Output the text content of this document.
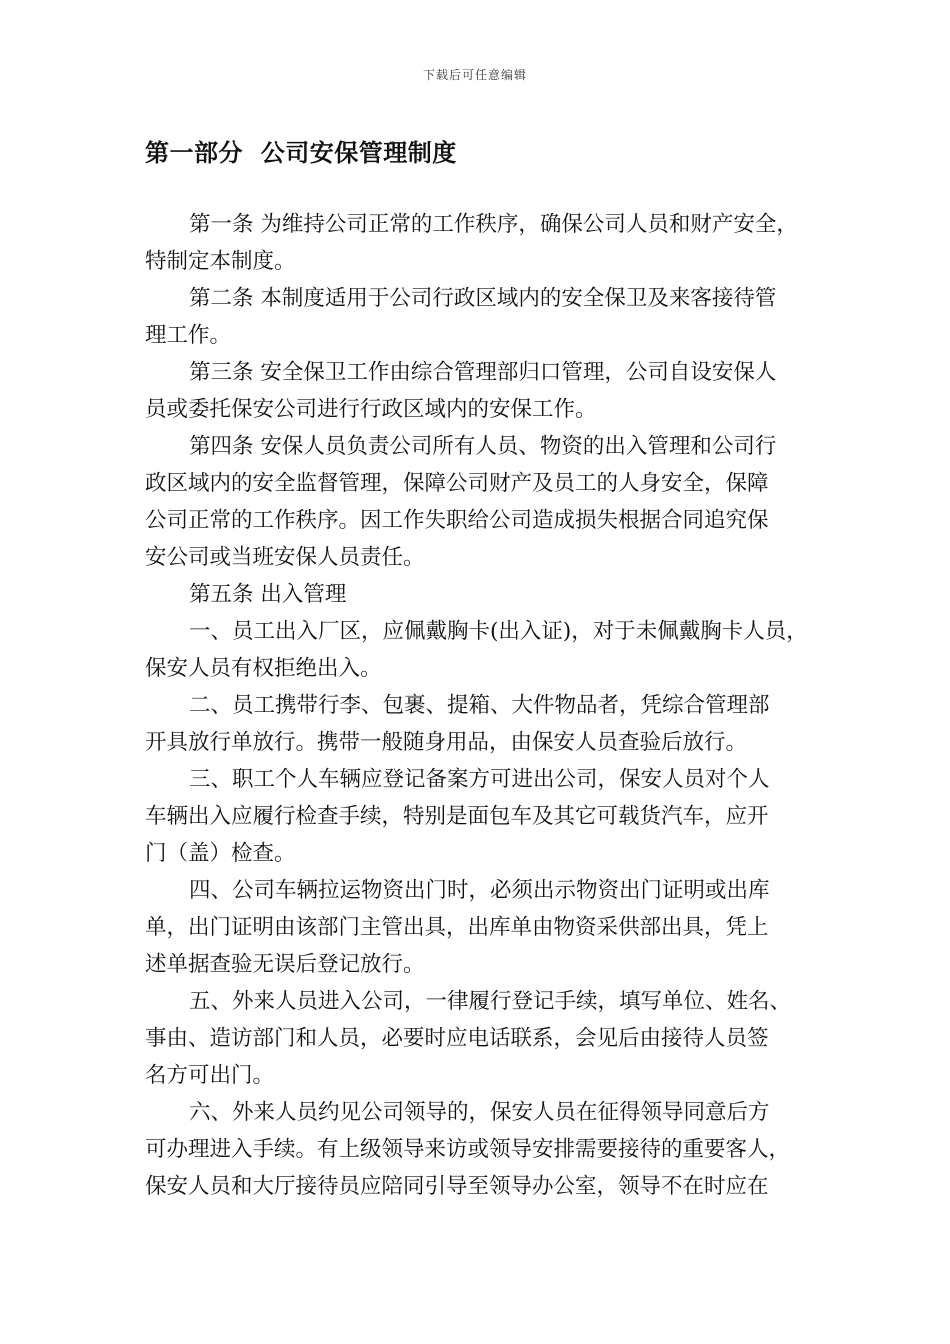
下载后可任意编辑
第一部分  公司安保管理制度
第一条 为维持公司正常的工作秩序，确保公司人员和财产安全，
特制定本制度。
第二条 本制度适用于公司行政区域内的安全保卫及来客接待管
理工作。
第三条 安全保卫工作由综合管理部归口管理，公司自设安保人
员或委托保安公司进行行政区域内的安保工作。
第四条 安保人员负责公司所有人员、物资的出入管理和公司行
政区域内的安全监督管理，保障公司财产及员工的人身安全，保障
公司正常的工作秩序。因工作失职给公司造成损失根据合同追究保
安公司或当班安保人员责任。
第五条 出入管理
一、员工出入厂区，应佩戴胸卡(出入证)，对于未佩戴胸卡人员，
保安人员有权拒绝出入。
二、员工携带行李、包裹、提箱、大件物品者，凭综合管理部
开具放行单放行。携带一般随身用品，由保安人员查验后放行。
三、职工个人车辆应登记备案方可进出公司，保安人员对个人
车辆出入应履行检查手续，特别是面包车及其它可载货汽车，应开
门（盖）检查。
四、公司车辆拉运物资出门时，必须出示物资出门证明或出库
单，出门证明由该部门主管出具，出库单由物资采供部出具，凭上
述单据查验无误后登记放行。
五、外来人员进入公司，一律履行登记手续，填写单位、姓名、
事由、造访部门和人员，必要时应电话联系，会见后由接待人员签
名方可出门。
六、外来人员约见公司领导的，保安人员在征得领导同意后方
可办理进入手续。有上级领导来访或领导安排需要接待的重要客人，
保安人员和大厅接待员应陪同引导至领导办公室，领导不在时应在
